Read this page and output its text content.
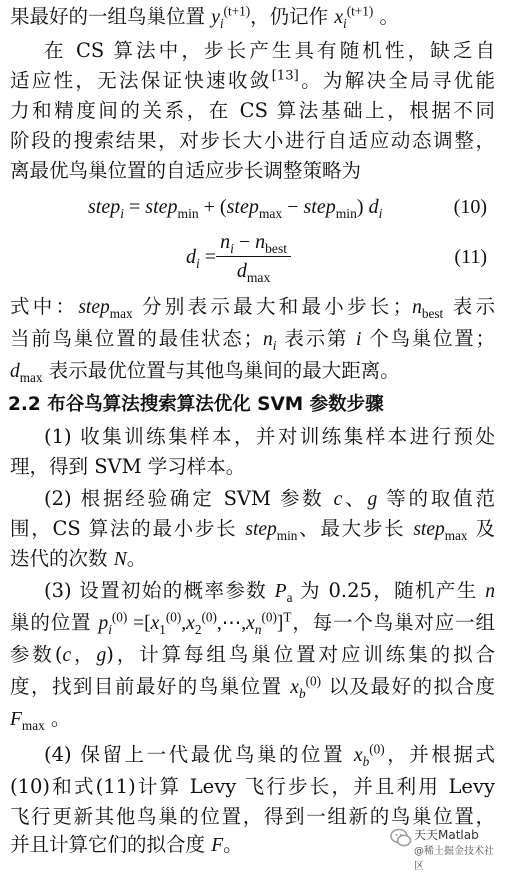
果最好的一组鸟巢位置 $y_i^{(t+1)}$，仍记作 $x_i^{(t+1)}$ 。
在 CS 算法中，步长产生具有随机性，缺乏自
适应性，无法保证快速收敛[13]。为解决全局寻优能
力和精度间的关系，在 CS 算法基础上，根据不同
阶段的搜索结果，对步长大小进行自适应动态调整，
离最优鸟巢位置的自适应步长调整策略为
step$_i$ = step$_{min}$ + (step$_{max}$ − step$_{min}$) $d_i$	(10)
$d_i = \frac{n_i - n_{best}}{d_{max}}$	(11)
式中：step$_{max}$ 分别表示最大和最小步长；$n_{best}$ 表示
当前鸟巢位置的最佳状态；$n_i$ 表示第 i 个鸟巢位置；
$d_{max}$ 表示最优位置与其他鸟巢间的最大距离。
2.2 布谷鸟算法搜索算法优化 SVM 参数步骤
(1) 收集训练集样本，并对训练集样本进行预处
理，得到 SVM 学习样本。
(2) 根据经验确定 SVM 参数 c、g 等的取值范
围，CS 算法的最小步长 step$_{min}$、最大步长 step$_{max}$ 及
迭代的次数 N。
(3) 设置初始的概率参数 $P_a$ 为 0.25，随机产生 n
巢的位置 $p_i^{(0)}$ $=[x_1^{(0)},x_2^{(0)},\cdots,x_n^{(0)}]^T$，每一个鸟巢对应一组
参数(c，g)，计算每组鸟巢位置对应训练集的拟合
度，找到目前最好的鸟巢位置 $x_b^{(0)}$ 以及最好的拟合度
$F_{max}$ 。
(4) 保留上一代最优鸟巢的位置 $x_b^{(0)}$，并根据式
(10)和式(11)计算 Levy 飞行步长，并且利用 Levy
飞行更新其他鸟巢的位置，得到一组新的鸟巢位置，
并且计算它们的拟合度 F。	天天Matlab
@稀土掘金技术社区
